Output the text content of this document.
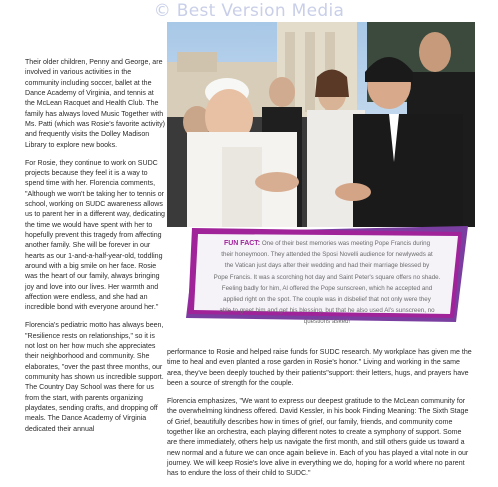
© Best Version Media

Their older children, Penny and George, are involved in various activities in the community including soccer, ballet at the Dance Academy of Virginia, and tennis at the McLean Racquet and Health Club. The family has always loved Music Together with Ms. Patti (which was Rosie's favorite activity) and frequently visits the Dolley Madison Library to explore new books.

For Rosie, they continue to work on SUDC projects because they feel it is a way to spend time with her. Florencia comments, "Although we won't be taking her to tennis or school, working on SUDC awareness allows us to parent her in a different way, dedicating the time we would have spent with her to hopefully prevent this tragedy from affecting another family. She will be forever in our hearts as our 1-and-a-half-year-old, toddling around with a big smile on her face. Rosie was the heart of our family, always bringing joy and love into our lives. Her warmth and affection were endless, and she had an incredible bond with everyone around her."

Florencia's pediatric motto has always been, "Resilience rests on relationships," so it is not lost on her how much she appreciates their neighborhood and community. She elaborates, "over the past three months, our community has shown us incredible support. The Country Day School was there for us from the start, with parents organizing playdates, sending crafts, and dropping off meals. The Dance Academy of Virginia dedicated their annual

FUN FACT: One of their best memories was meeting Pope Francis during
their honeymoon. They attended the Sposi Novelli audience for newlyweds at
the Vatican just days after their wedding and had their marriage blessed by
Pope Francis. It was a scorching hot day and Saint Peter's square offers no shade.
Feeling badly for him, Al offered the Pope sunscreen, which he accepted and
applied right on the spot. The couple was in disbelief that not only were they
able to greet him and get his blessing, but that he also used Al's sunscreen, no
questions asked!

performance to Rosie and helped raise funds for SUDC research. My workplace has given me the time to heal and even planted a rose garden in Rosie's honor." Living and working in the same area, they've been deeply touched by their patients"support: their letters, hugs, and prayers have been a source of strength for the couple.

Florencia emphasizes, "We want to express our deepest gratitude to the McLean community for the overwhelming kindness offered. David Kessler, in his book Finding Meaning: The Sixth Stage of Grief, beautifully describes how in times of grief, our family, friends, and community come together like an orchestra, each playing different notes to create a symphony of support. Some are there immediately, others help us navigate the first month, and still others guide us toward a new normal and a future we can once again believe in. Each of you has played a vital note in our journey. We will keep Rosie's love alive in everything we do, hoping for a world where no parent has to endure the loss of their child to SUDC."
